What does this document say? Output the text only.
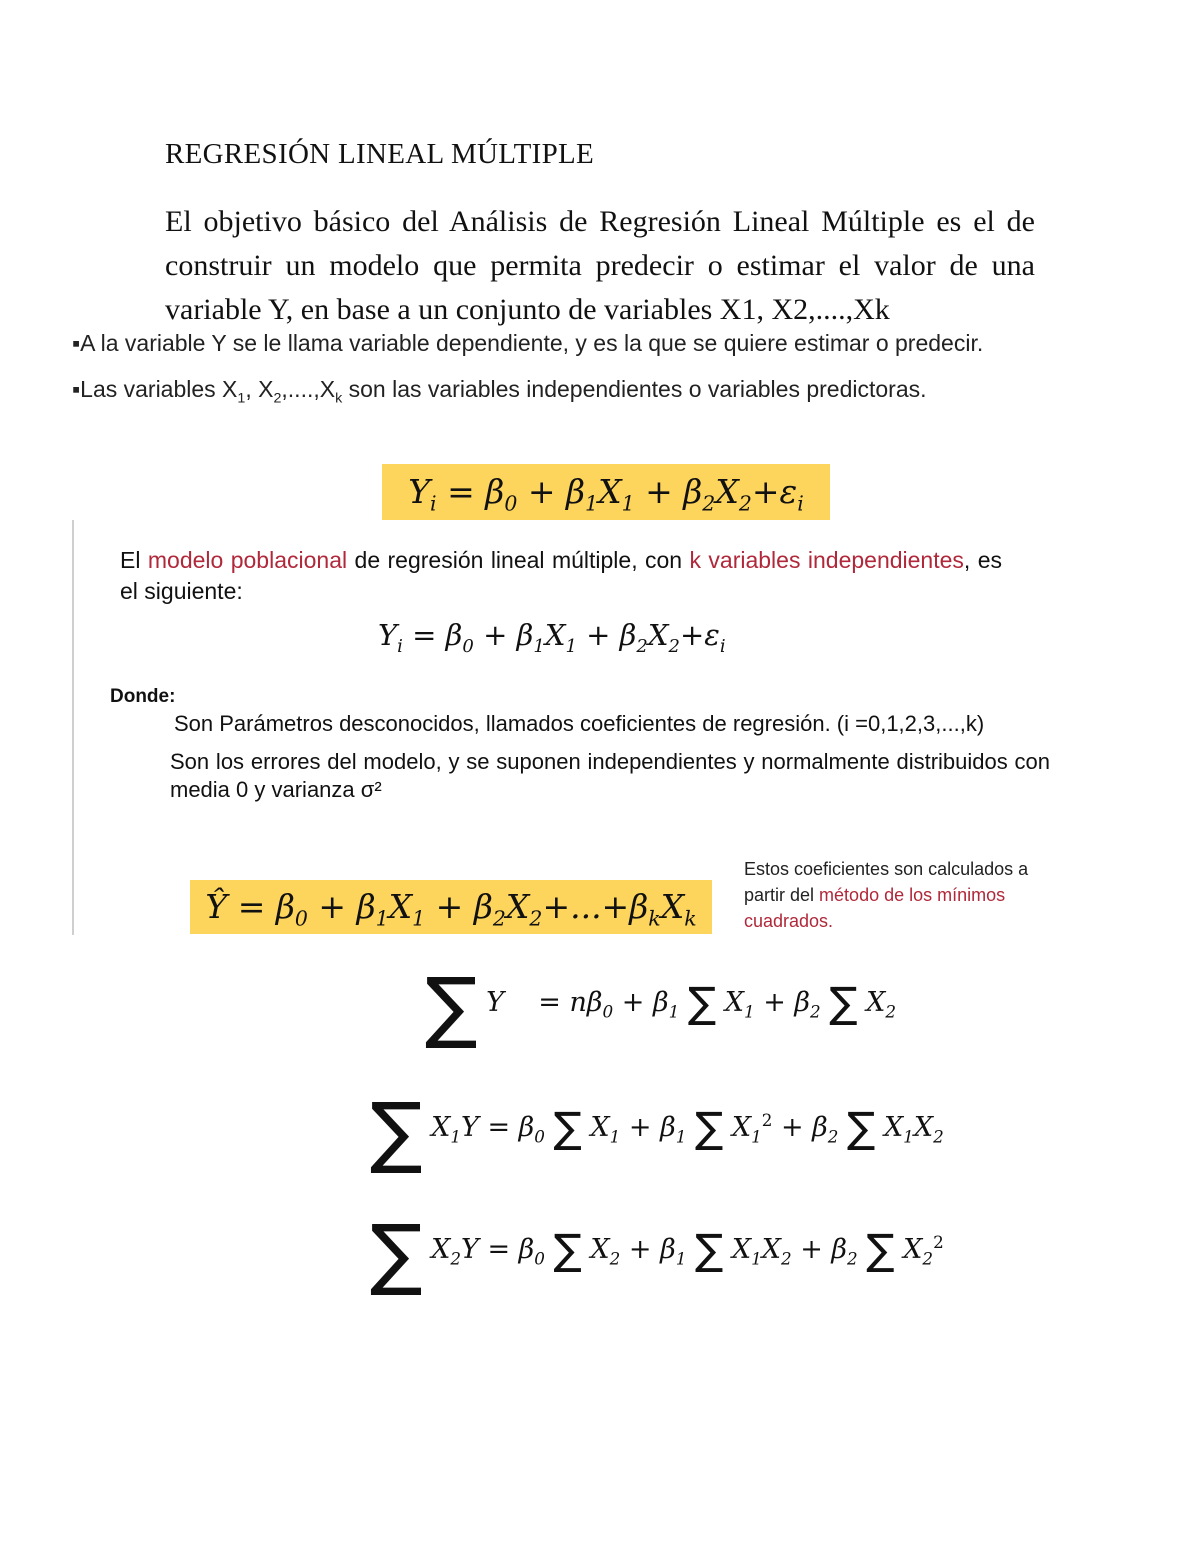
REGRESIÓN LINEAL MÚLTIPLE
El objetivo básico del Análisis de Regresión Lineal Múltiple es el de construir un modelo que permita predecir o estimar el valor de una variable Y, en base a un conjunto de variables X1, X2,....,Xk
▪A la variable Y se le llama variable dependiente, y es la que se quiere estimar o predecir.
▪Las variables $X_1$, $X_2,....,X_k$ son las variables independientes o variables predictoras.
$Y_i = \beta_0 + \beta_1X_1 + \beta_2X_2+\varepsilon_i$
El modelo poblacional de regresión lineal múltiple, con k variables independientes, es el siguiente:
$Y_i = \beta_0 + \beta_1X_1 + \beta_2X_2+\varepsilon_i$
Donde:
Son Parámetros desconocidos, llamados coeficientes de regresión. (i =0,1,2,3,...,k)
Son los errores del modelo, y se suponen independientes y normalmente distribuidos con media 0 y varianza σ²
Ŷ = $\beta_0 + \beta_1X_1 + \beta_2X_2+...+\beta_kX_k$
Estos coeficientes son calculados a partir del método de los mínimos cuadrados.
∑ Y    = $n\beta_0 + \beta_1$ ∑ $X_1 + \beta_2$ ∑ $X_2$
∑ $X_1Y = \beta_0$ ∑ $X_1 + \beta_1$ ∑ $X_1^2 + \beta_2$ ∑ $X_1X_2$
∑ $X_2Y = \beta_0$ ∑ $X_2 + \beta_1$ ∑ $X_1X_2 + \beta_2$ ∑ $X_2^2$
